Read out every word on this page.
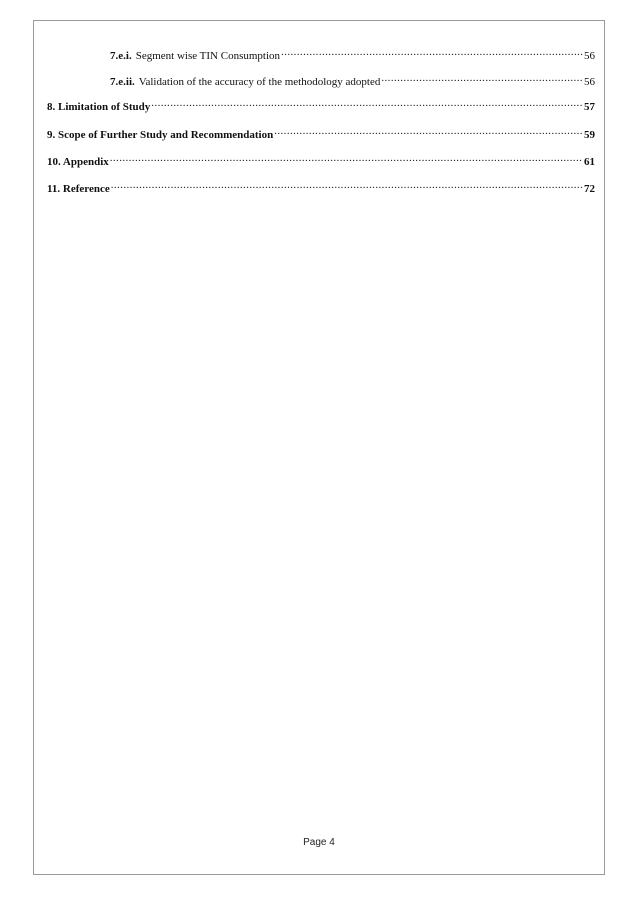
7.e.i. Segment wise TIN Consumption .....	56
7.e.ii. Validation of the accuracy of the methodology adopted .....	56
8. Limitation of Study .....	57
9. Scope of Further Study and Recommendation .....	59
10. Appendix .....	61
11. Reference .....	72
Page 4
